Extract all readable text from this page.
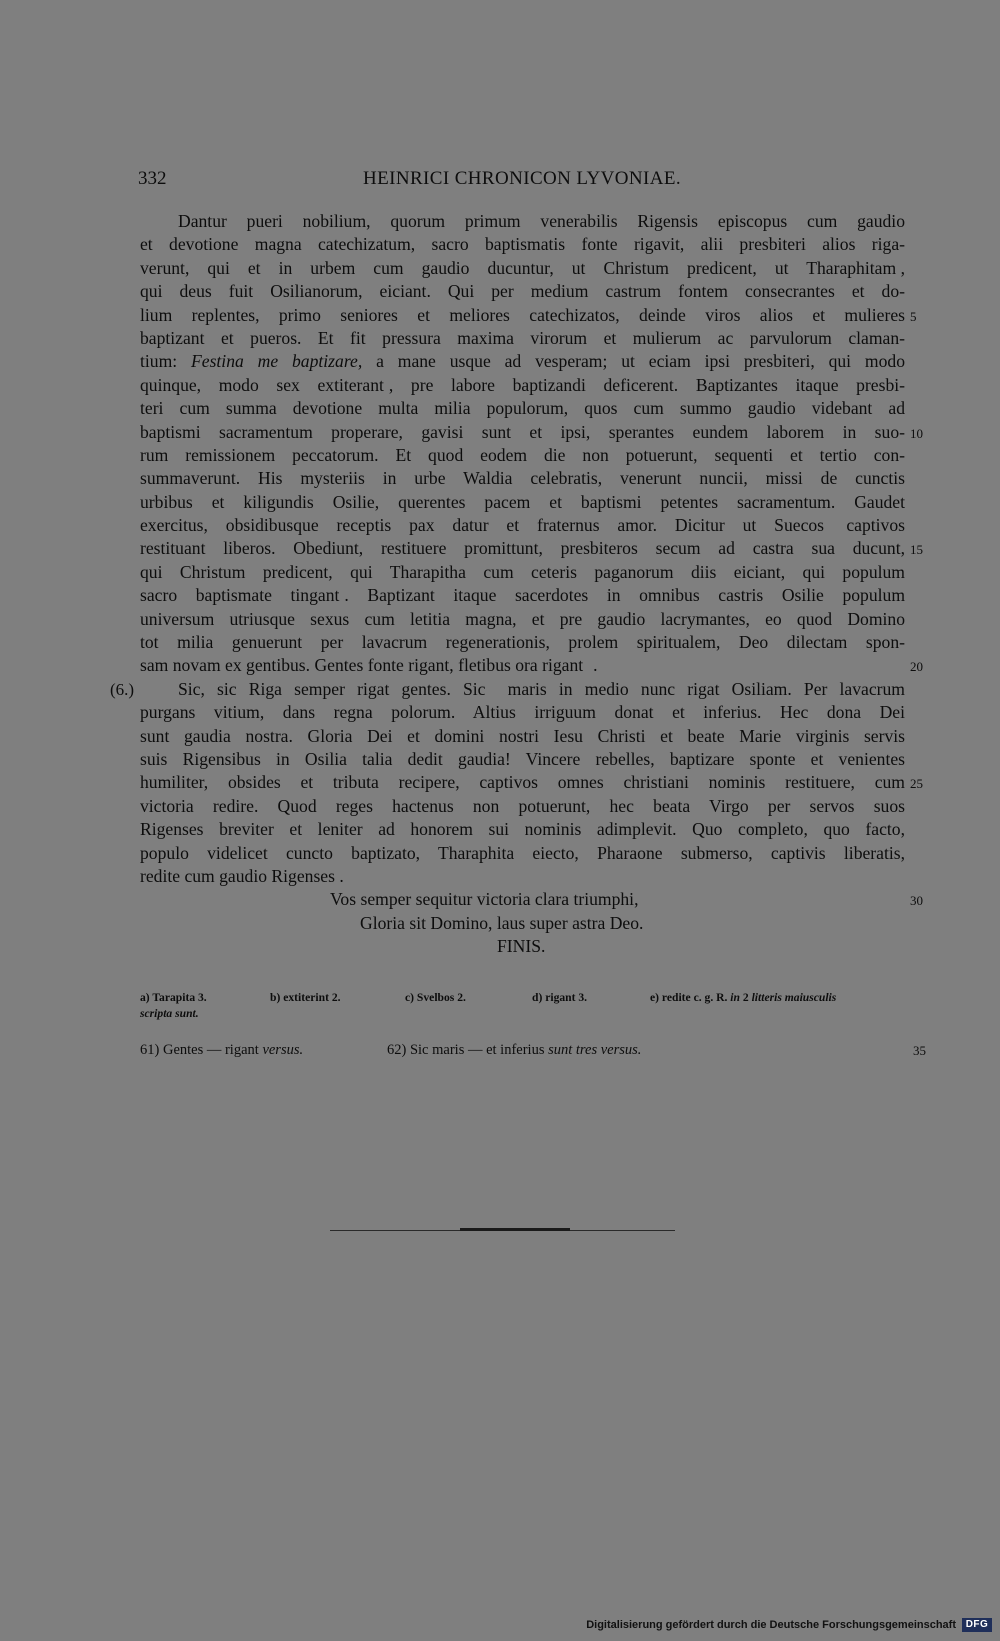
332	HEINRICI CHRONICON LYVONIAE.
Dantur pueri nobilium, quorum primum venerabilis Rigensis episcopus cum gaudio
et devotione magna catechizatum, sacro baptismatis fonte rigavit, alii presbiteri alios riga-
verunt, qui et in urbem cum gaudio ducuntur, ut Christum predicent, ut Tharaphitam ,
qui deus fuit Osilianorum, eiciant. Qui per medium castrum fontem consecrantes et do-
lium replentes, primo seniores et meliores catechizatos, deinde viros alios et mulieres 5
baptizant et pueros. Et fit pressura maxima virorum et mulierum ac parvulorum claman-
tium: Festina me baptizare, a mane usque ad vesperam; ut eciam ipsi presbiteri, qui modo
quinque, modo sex extiterant , pre labore baptizandi deficerent. Baptizantes itaque presbi-
teri cum summa devotione multa milia populorum, quos cum summo gaudio videbant ad
baptismi sacramentum properare, gavisi sunt et ipsi, sperantes eundem laborem in suo- 10
rum remissionem peccatorum. Et quod eodem die non potuerunt, sequenti et tertio con-
summaverunt. His mysteriis in urbe Waldia celebratis, venerunt nuncii, missi de cunctis
urbibus et kiligundis Osilie, querentes pacem et baptismi petentes sacramentum. Gaudet
exercitus, obsidibusque receptis pax datur et fraternus amor. Dicitur ut Suecos captivos
restituant liberos. Obediunt, restituere promittunt, presbiteros secum ad castra sua ducunt, 15
qui Christum predicent, qui Tharapitha cum ceteris paganorum diis eiciant, qui populum
sacro baptismate tingant . Baptizant itaque sacerdotes in omnibus castris Osilie populum
universum utriusque sexus cum letitia magna, et pre gaudio lacrymantes, eo quod Domino
tot milia genuerunt per lavacrum regenerationis, prolem spiritualem, Deo dilectam spon-
sam novam ex gentibus. Gentes fonte rigant, fletibus ora rigant .	20
(6.)	Sic, sic Riga semper rigat gentes. Sic maris in medio nunc rigat Osiliam. Per lavacrum
purgans vitium, dans regna polorum. Altius irriguum donat et inferius. Hec dona Dei
sunt gaudia nostra. Gloria Dei et domini nostri Iesu Christi et beate Marie virginis servis
suis Rigensibus in Osilia talia dedit gaudia! Vincere rebelles, baptizare sponte et venientes
humiliter, obsides et tributa recipere, captivos omnes christiani nominis restituere, cum 25
victoria redire. Quod reges hactenus non potuerunt, hec beata Virgo per servos suos
Rigenses breviter et leniter ad honorem sui nominis adimplevit. Quo completo, quo facto,
populo videlicet cuncto baptizato, Tharaphita eiecto, Pharaone submerso, captivis liberatis,
redite cum gaudio Rigenses .
Vos semper sequitur victoria clara triumphi,	30
Gloria sit Domino, laus super astra Deo.
FINIS.
a) Tarapita 3.	b) extiterint 2.	c) Svelbos 2.	d) rigant 3.	e) redite c. g. R. in 2 litteris maiusculis
scripta sunt.
61) Gentes — rigant versus.	62) Sic maris — et inferius sunt tres versus.	35
Digitalisierung gefördert durch die Deutsche Forschungsgemeinschaft DFG
